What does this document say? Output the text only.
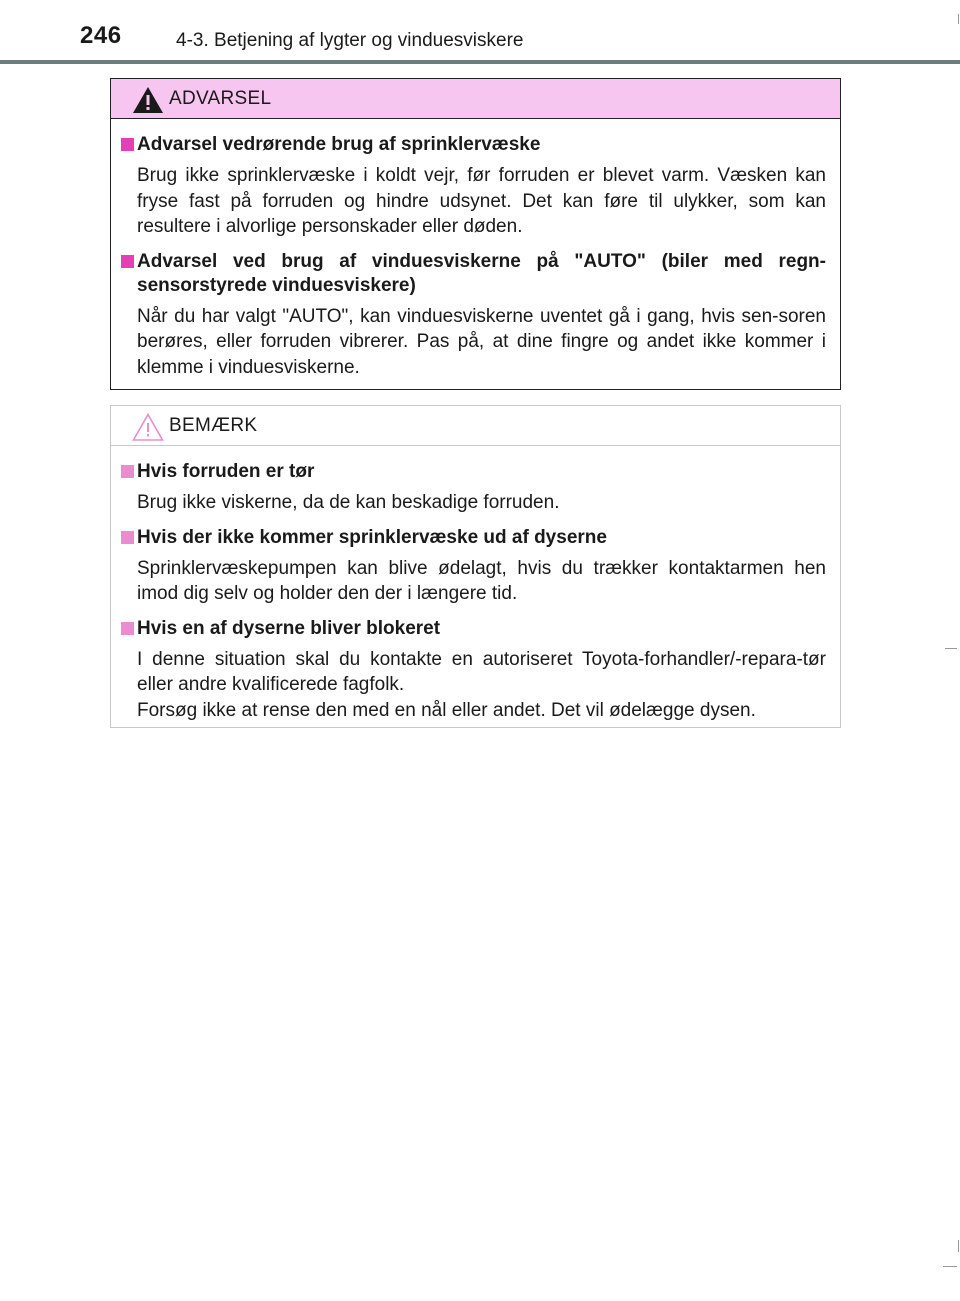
246	4-3. Betjening af lygter og vinduesviskere
ADVARSEL
Advarsel vedrørende brug af sprinklervæske
Brug ikke sprinklervæske i koldt vejr, før forruden er blevet varm. Væsken kan fryse fast på forruden og hindre udsynet. Det kan føre til ulykker, som kan resultere i alvorlige personskader eller døden.
Advarsel ved brug af vinduesviskerne på "AUTO" (biler med regn-sensorstyrede vinduesviskere)
Når du har valgt "AUTO", kan vinduesviskerne uventet gå i gang, hvis sen-soren berøres, eller forruden vibrerer. Pas på, at dine fingre og andet ikke kommer i klemme i vinduesviskerne.
BEMÆRK
Hvis forruden er tør
Brug ikke viskerne, da de kan beskadige forruden.
Hvis der ikke kommer sprinklervæske ud af dyserne
Sprinklervæskepumpen kan blive ødelagt, hvis du trækker kontaktarmen hen imod dig selv og holder den der i længere tid.
Hvis en af dyserne bliver blokeret
I denne situation skal du kontakte en autoriseret Toyota-forhandler/-repara-tør eller andre kvalificerede fagfolk.
Forsøg ikke at rense den med en nål eller andet. Det vil ødelægge dysen.
